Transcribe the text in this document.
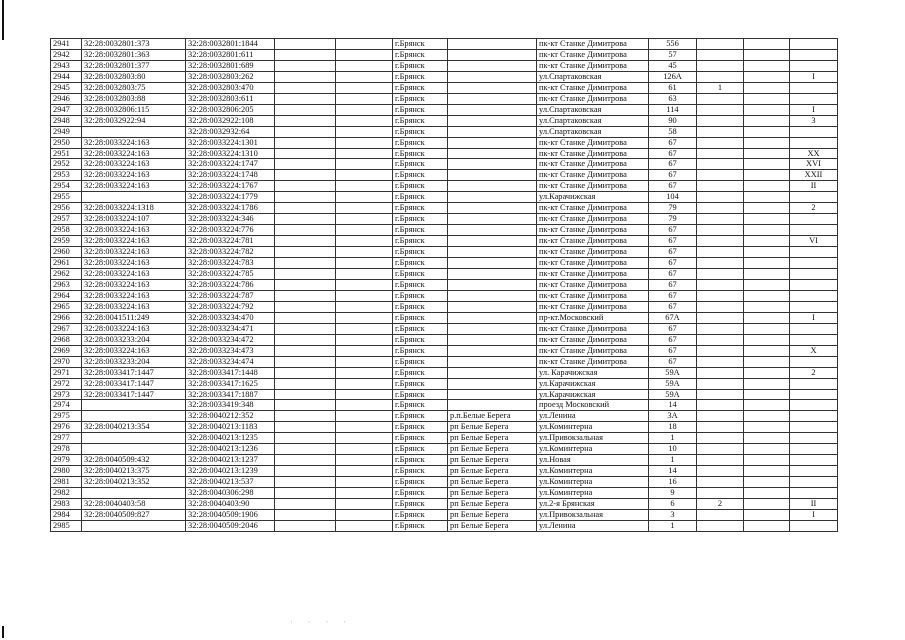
2941	32:28:0032801:373	32:28:0032801:1844			г.Брянск		пк-кт Станке Димитрова	556			
2942	32:28:0032801:363	32:28:0032801:611			г.Брянск		пк-кт Станке Димитрова	57			
2943	32:28:0032801:377	32:28:0032801:689			г.Брянск		пк-кт Станке Димитрова	45			
2944	32:28:0032803:80	32:28:0032803:262			г.Брянск		ул.Спартаковская	126А			I
2945	32:28:0032803:75	32:28:0032803:470			г.Брянск		пк-кт Станке Димитрова	61	1		
2946	32:28:0032803:88	32:28:0032803:611			г.Брянск		пк-кт Станке Димитрова	63			
2947	32:28:0032806:115	32:28:0032806:205			г.Брянск		ул.Спартаковская	114			I
2948	32:28:0032922:94	32:28:0032922:108			г.Брянск		ул.Спартаковская	90			3
2949		32:28:0032932:64			г.Брянск		ул.Спартаковская	58			
2950	32:28:0033224:163	32:28:0033224:1301			г.Брянск		пк-кт Станке Димитрова	67			
2951	32:28:0033224:163	32:28:0033224:1310			г.Брянск		пк-кт Станке Димитрова	67			XX
2952	32:28:0033224:163	32:28:0033224:1747			г.Брянск		пк-кт Станке Димитрова	67			XVI
2953	32:28:0033224:163	32:28:0033224:1748			г.Брянск		пк-кт Станке Димитрова	67			XXII
2954	32:28:0033224:163	32:28:0033224:1767			г.Брянск		пк-кт Станке Димитрова	67			II
2955		32:28:0033224:1779			г.Брянск		ул.Карачижская	104			
2956	32:28:0033224:1318	32:28:0033224:1786			г.Брянск		пк-кт Станке Димитрова	79			2
2957	32:28:0033224:107	32:28:0033224:346			г.Брянск		пк-кт Станке Димитрова	79			
2958	32:28:0033224:163	32:28:0033224:776			г.Брянск		пк-кт Станке Димитрова	67			
2959	32:28:0033224:163	32:28:0033224:781			г.Брянск		пк-кт Станке Димитрова	67			VI
2960	32:28:0033224:163	32:28:0033224:782			г.Брянск		пк-кт Станке Димитрова	67			
2961	32:28:0033224:163	32:28:0033224:783			г.Брянск		пк-кт Станке Димитрова	67			
2962	32:28:0033224:163	32:28:0033224:785			г.Брянск		пк-кт Станке Димитрова	67			
2963	32:28:0033224:163	32:28:0033224:786			г.Брянск		пк-кт Станке Димитрова	67			
2964	32:28:0033224:163	32:28:0033224:787			г.Брянск		пк-кт Станке Димитрова	67			
2965	32:28:0033224:163	32:28:0033224:792			г.Брянск		пк-кт Станке Димитрова	67			
2966	32:28:0041511:249	32:28:0033234:470			г.Брянск		пр-кт.Московский	67А			I
2967	32:28:0033224:163	32:28:0033234:471			г.Брянск		пк-кт Станке Димитрова	67			
2968	32:28:0033233:204	32:28:0033234:472			г.Брянск		пк-кт Станке Димитрова	67			
2969	32:28:0033224:163	32:28:0033234:473			г.Брянск		пк-кт Станке Димитрова	67			X
2970	32:28:0033233:204	32:28:0033234:474			г.Брянск		пк-кт Станке Димитрова	67			
2971	32:28:0033417:1447	32:28:0033417:1448			г.Брянск		ул. Карачижская	59А			2
2972	32:28:0033417:1447	32:28:0033417:1625			г.Брянск		ул.Карачижская	59А			
2973	32:28:0033417:1447	32:28:0033417:1887			г.Брянск		ул.Карачижская	59А			
2974		32:28:0033419:348			г.Брянск		проезд Московский	14			
2975		32:28:0040212:352			г.Брянск	р.п.Белые Берега	ул.Ленина	3А			
2976	32:28:0040213:354	32:28:0040213:1183			г.Брянск	рп Белые Берега	ул.Коминтерна	18			
2977		32:28:0040213:1235			г.Брянск	рп Белые Берега	ул.Привокзальная	1			
2978		32:28:0040213:1236			г.Брянск	рп Белые Берега	ул.Коминтерна	10			
2979	32:28:0040509:432	32:28:0040213:1237			г.Брянск	рп Белые Берега	ул.Новая	1			
2980	32:28:0040213:375	32:28:0040213:1239			г.Брянск	рп Белые Берега	ул.Коминтерна	14			
2981	32:28:0040213:352	32:28:0040213:537			г.Брянск	рп Белые Берега	ул.Коминтерна	16			
2982		32:28:0040306:298			г.Брянск	рп Белые Берега	ул.Коминтерна	9			
2983	32:28:0040403:58	32:28:0040403:90			г.Брянск	рп Белые Берега	ул.2-я Брянская	6	2		II
2984	32:28:0040509:827	32:28:0040509:1906			г.Брянск	рп Белые Берега	ул.Привокзальная	3			I
2985		32:28:0040509:2046			г.Брянск	рп Белые Берега	ул.Ленина	1			
· · · ·
